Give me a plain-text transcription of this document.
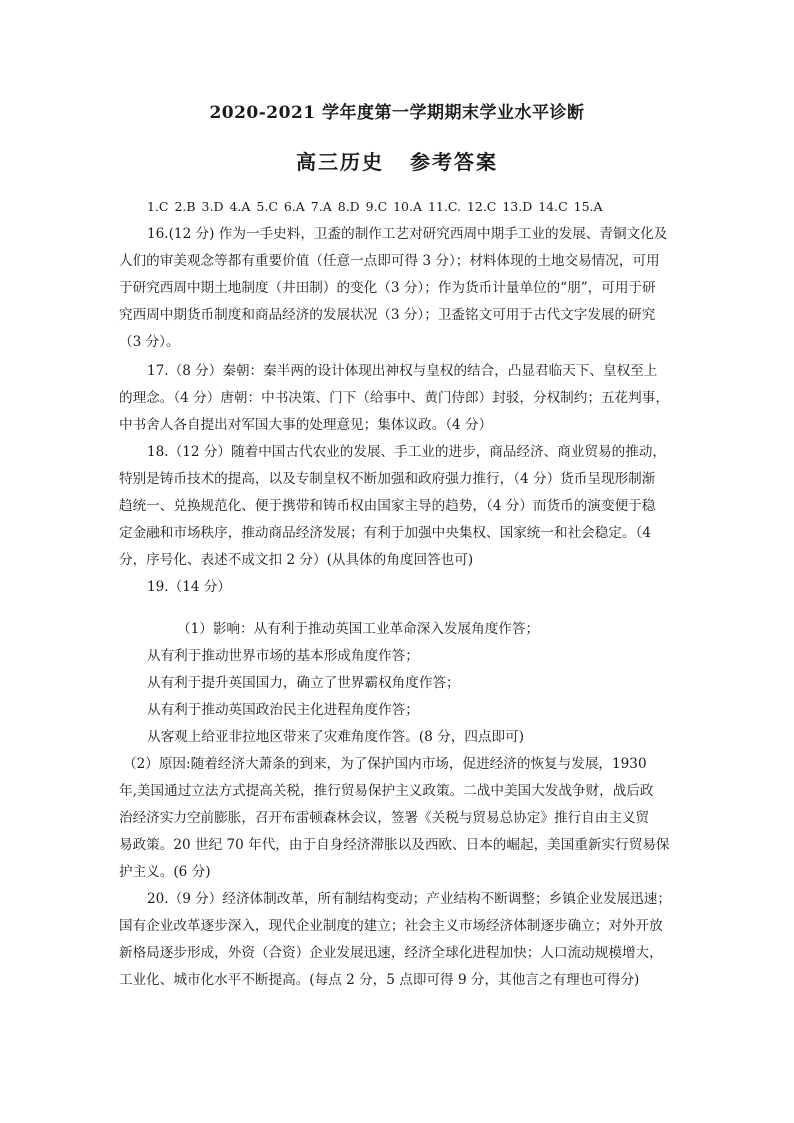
2020-2021 学年度第一学期期末学业水平诊断
高三历史 参考答案
1.C 2.B 3.D 4.A 5.C 6.A 7.A 8.D 9.C 10.A 11.C. 12.C 13.D 14.C 15.A
16.(12 分) 作为一手史料，卫盉的制作工艺对研究西周中期手工业的发展、青铜文化及
人们的审美观念等都有重要价值（任意一点即可得 3 分）；材料体现的土地交易情况，可用
于研究西周中期土地制度（井田制）的变化（3 分）；作为货币计量单位的“朋”，可用于研
究西周中期货币制度和商品经济的发展状况（3 分）；卫盉铭文可用于古代文字发展的研究
（3 分）。
17.（8 分）秦朝：秦半两的设计体现出神权与皇权的结合，凸显君临天下、皇权至上
的理念。（4 分）唐朝：中书决策、门下（给事中、黄门侍郎）封驳，分权制约；五花判事，
中书舍人各自提出对军国大事的处理意见；集体议政。（4 分）
18.（12 分）随着中国古代农业的发展、手工业的进步，商品经济、商业贸易的推动，
特别是铸币技术的提高，以及专制皇权不断加强和政府强力推行，（4 分）货币呈现形制渐
趋统一、兑换规范化、便于携带和铸币权由国家主导的趋势，（4 分）而货币的演变便于稳
定金融和市场秩序，推动商品经济发展；有利于加强中央集权、国家统一和社会稳定。（4
分，序号化、表述不成文扣 2 分）(从具体的角度回答也可)
19.（14 分）
（1）影响：从有利于推动英国工业革命深入发展角度作答；
从有利于推动世界市场的基本形成角度作答；
从有利于提升英国国力，确立了世界霸权角度作答；
从有利于推动英国政治民主化进程角度作答；
从客观上给亚非拉地区带来了灾难角度作答。(8 分，四点即可)
（2）原因:随着经济大萧条的到来，为了保护国内市场，促进经济的恢复与发展，1930
年,美国通过立法方式提高关税，推行贸易保护主义政策。二战中美国大发战争财，战后政
治经济实力空前膨胀，召开布雷顿森林会议，签署《关税与贸易总协定》推行自由主义贸
易政策。20 世纪 70 年代，由于自身经济滞胀以及西欧、日本的崛起，美国重新实行贸易保
护主义。(6 分)
20.（9 分）经济体制改革，所有制结构变动；产业结构不断调整；乡镇企业发展迅速；
国有企业改革逐步深入，现代企业制度的建立；社会主义市场经济体制逐步确立；对外开放
新格局逐步形成，外资（合资）企业发展迅速，经济全球化进程加快；人口流动规模增大，
工业化、城市化水平不断提高。(每点 2 分，5 点即可得 9 分，其他言之有理也可得分)
